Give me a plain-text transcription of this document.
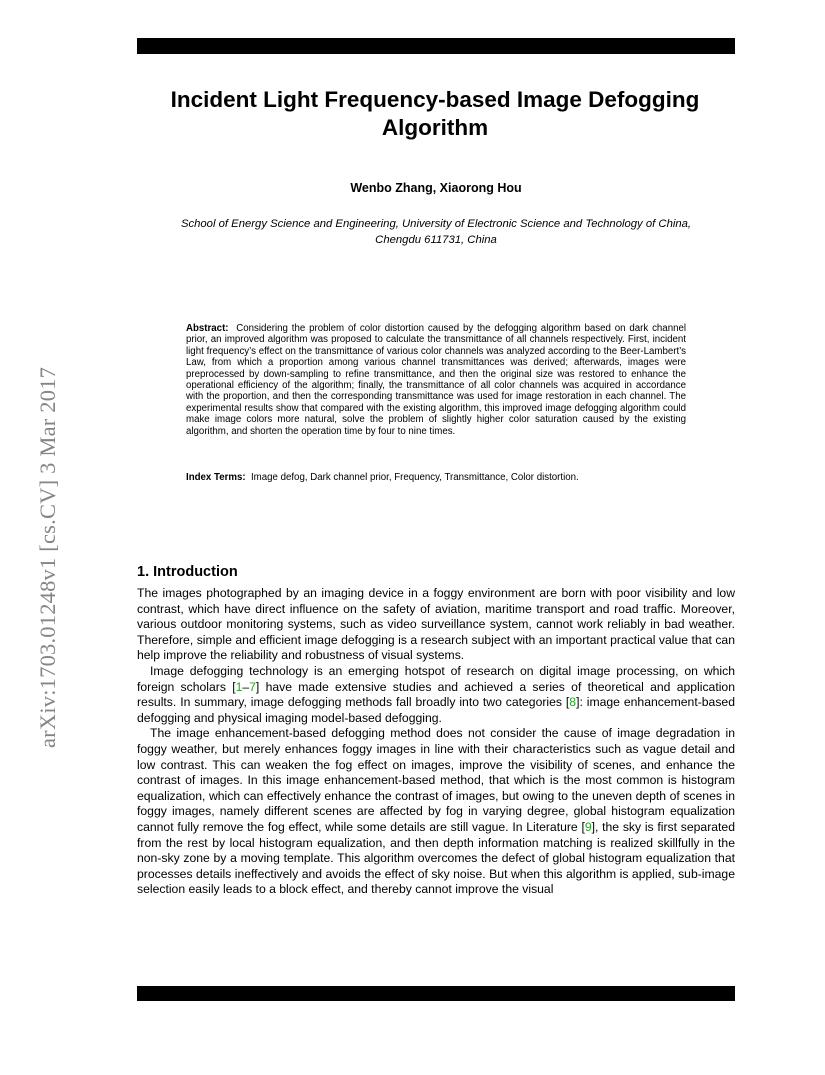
arXiv:1703.01248v1 [cs.CV] 3 Mar 2017
Incident Light Frequency-based Image Defogging Algorithm
Wenbo Zhang, Xiaorong Hou
School of Energy Science and Engineering, University of Electronic Science and Technology of China,
Chengdu 611731, China

Abstract: Considering the problem of color distortion caused by the defogging algorithm based on dark channel prior, an improved algorithm was proposed to calculate the transmittance of all channels respectively. First, incident light frequency’s effect on the transmittance of various color channels was analyzed according to the Beer-Lambert’s Law, from which a proportion among various channel transmittances was derived; afterwards, images were preprocessed by down-sampling to refine transmittance, and then the original size was restored to enhance the operational efficiency of the algorithm; finally, the transmittance of all color channels was acquired in accordance with the proportion, and then the corresponding transmittance was used for image restoration in each channel. The experimental results show that compared with the existing algorithm, this improved image defogging algorithm could make image colors more natural, solve the problem of slightly higher color saturation caused by the existing algorithm, and shorten the operation time by four to nine times.

Index Terms: Image defog, Dark channel prior, Frequency, Transmittance, Color distortion.

1. Introduction

The images photographed by an imaging device in a foggy environment are born with poor visibility and low contrast, which have direct influence on the safety of aviation, maritime transport and road traffic. Moreover, various outdoor monitoring systems, such as video surveillance system, cannot work reliably in bad weather. Therefore, simple and efficient image defogging is a research subject with an important practical value that can help improve the reliability and robustness of visual systems.

Image defogging technology is an emerging hotspot of research on digital image processing, on which foreign scholars [1–7] have made extensive studies and achieved a series of theoretical and application results. In summary, image defogging methods fall broadly into two categories [8]: image enhancement-based defogging and physical imaging model-based defogging.

The image enhancement-based defogging method does not consider the cause of image degradation in foggy weather, but merely enhances foggy images in line with their characteristics such as vague detail and low contrast. This can weaken the fog effect on images, improve the visibility of scenes, and enhance the contrast of images. In this image enhancement-based method, that which is the most common is histogram equalization, which can effectively enhance the contrast of images, but owing to the uneven depth of scenes in foggy images, namely different scenes are affected by fog in varying degree, global histogram equalization cannot fully remove the fog effect, while some details are still vague. In Literature [9], the sky is first separated from the rest by local histogram equalization, and then depth information matching is realized skillfully in the non-sky zone by a moving template. This algorithm overcomes the defect of global histogram equalization that processes details ineffectively and avoids the effect of sky noise. But when this algorithm is applied, sub-image selection easily leads to a block effect, and thereby cannot improve the visual
